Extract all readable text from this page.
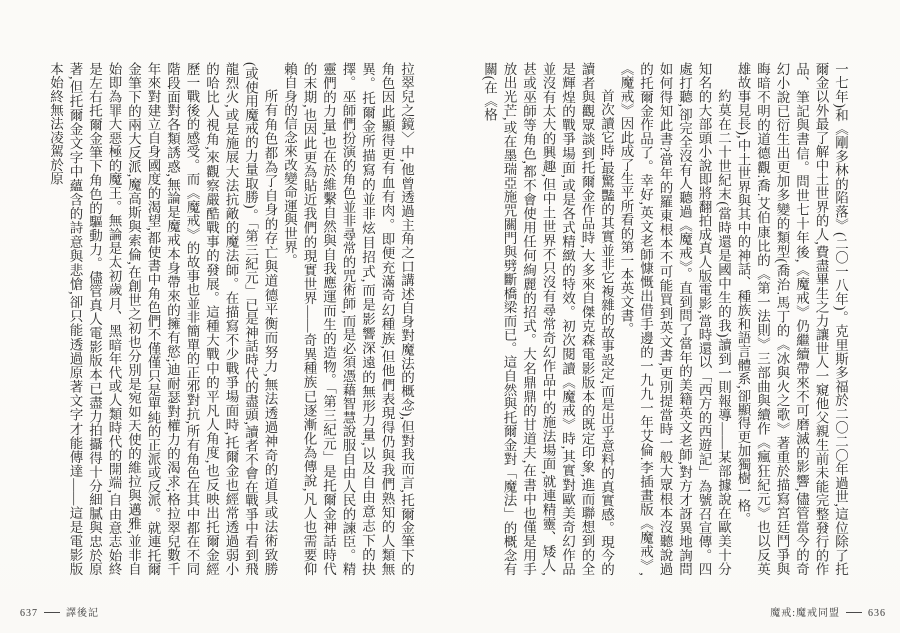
拉翠兒之鏡〉中,他曾透過主角之口講述自身對魔法的概念),但對我而言,托爾金筆下的角色因此顯得更有血有肉。即便充滿奇幻種族,但他們表現得仍與我們熟知的人類無異。托爾金所描寫的並非炫目招式,而是影響深遠的無形力量,以及自由意志下的抉擇。巫師們扮演的角色並非尋常的咒術師,而是必須憑藉智慧說服自由人民的諫臣。精靈們的力量,也在於維繫自然與自我應運而生的造物。「第三紀元」是托爾金神話時代的末期,也因此更為貼近我們的現實世界——奇異種族已逐漸化為傳說,凡人也需要仰賴自身的信念來改變命運與世界。

所有角色都為了自身的存亡與道德平衡而努力,無法透過神奇的道具或法術致勝(或使用魔戒的力量取勝)。「第三紀元」已是神話時代的盡頭,讀者不會在戰爭中看到飛龍烈火,或是施展大法抗敵的魔法師。在描寫不少戰爭場面時,托爾金也經常透過弱小的哈比人視角,來觀察嚴酷戰事的發展。這種大戰中的平凡人角度,也反映出托爾金經歷一戰後的感受。而《魔戒》的故事也並非簡單的正邪對抗,所有角色在其中都在不同階段面對各類誘惑,無論是魔戒本身帶來的擁有慾;迪耐瑟對權力的渴求;格拉翠兒數千年來對建立自身國度的渴望,都使書中角色們不僅僅只是單純的正派或反派。就連托爾金筆下的兩大反派,魔高斯與索倫,在創世之初也分別是宛如天使的維拉與邁雅,並非自始即為罪大惡極的魔王。無論是太初歲月、黑暗年代或人類時代的開端,自由意志始終是左右托爾金筆下角色的驅動力。儘管真人電影版本已盡力拍攝得十分細膩與忠於原著,但托爾金文字中蘊含的詩意與悲愴,卻只能透過原著文字才能傳達——這是電影版本始終無法凌駕於原	一七年)和《剛多林的陷落》(二〇一八年)。克里斯多福於二〇二〇年過世,這位除了托爾金以外最了解中土世界的人,費盡畢生之力讓世人一窺他父親生前未能完整發行的作品、筆記與書信。問世七十年後,《魔戒》仍繼續帶來不可磨滅的影響,儘管當今的奇幻小說已衍生出更加多變的類型(喬治.馬丁的《冰與火之歌》著重於描寫宮廷鬥爭與晦暗不明的道德觀:喬.艾伯康比的《第一法則》三部曲與續作《瘋狂紀元》也以反英雄故事見長),中土世界與其中的神話、種族和語言體系,卻顯得更加獨樹一格。

約莫在二十世紀末(當時還是國中生的我)讀到一則報導——某部據說在歐美十分知名的大部頭小說即將翻拍成真人版電影,當時還以「西方的西遊記」為號召宣傳。四處打聽,卻完全沒有人聽過《魔戒》。直到問了當年的美籍英文老師,對方才訝異地詢問如何得知此書?當年的羅東根本不可能買到英文書,更別提當時一般大眾根本沒聽說過的托爾金作品了。幸好,英文老師慷慨出借手邊的一九九一年艾倫.李插畫版《魔戒》,《魔戒》因此成了生平所看的第一本英文書。

首次讀它時,最驚豔的其實並非它複雜的故事設定,而是出乎意料的真實感。現今的讀者與觀眾談到托爾金作品時,大多來自傑克森電影版本的既定印象,進而聯想到的全是輝煌的戰爭場面,或是各式精緻的特效。初次閱讀《魔戒》時,其實對歐美奇幻作品並沒有太大的興趣,但中土世界不只沒有尋常奇幻作品中的施法場面,就連精靈、矮人,甚或巫師等角色,都不會使用任何絢麗的招式。大名鼎鼎的甘道夫,在書中也僅是用手放出光芒,或在墨瑞亞施咒關門與劈斷橋梁而已。這自然與托爾金對「魔法」的概念有關(在《格

637	譯後記	魔戒:魔戒同盟	636
